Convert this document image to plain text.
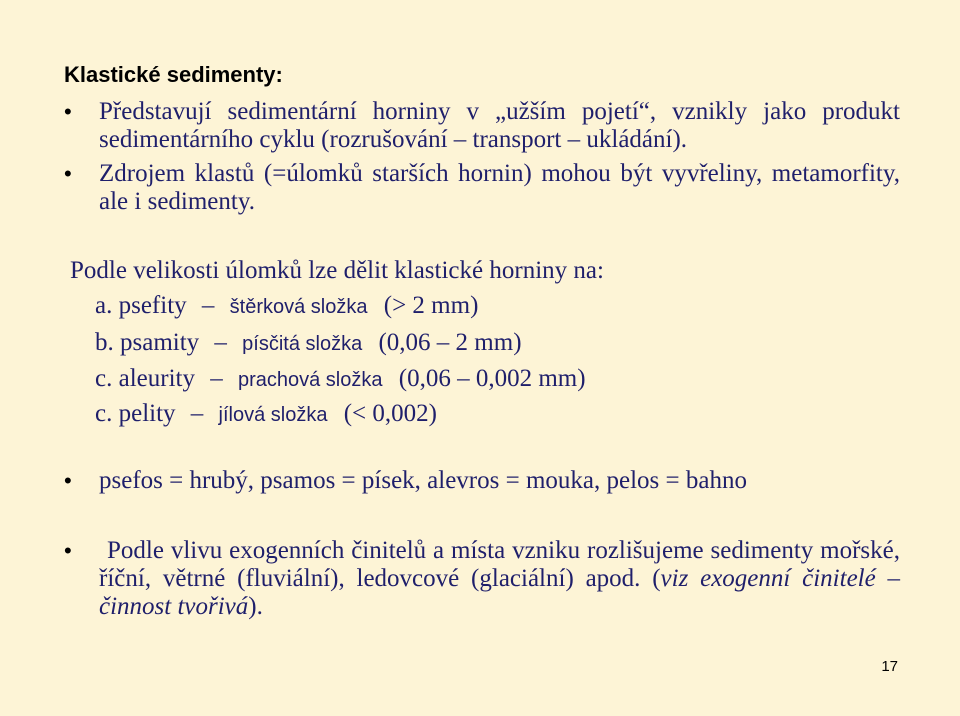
Klastické sedimenty:
•	Představují sedimentární horniny v „užším pojetí“, vznikly jako produkt sedimentárního cyklu (rozrušování – transport – ukládání).
•	Zdrojem klastů (=úlomků starších hornin) mohou být vyvřeliny, metamorfity, ale i sedimenty.
Podle velikosti úlomků lze dělit klastické horniny na:
a. psefity – štěrková složka (> 2 mm)
b. psamity – písčitá složka (0,06 – 2 mm)
c. aleurity – prachová složka (0,06 – 0,002 mm)
c. pelity – jílová složka (< 0,002)
•	psefos = hrubý, psamos = písek, alevros = mouka, pelos = bahno
•	Podle vlivu exogenních činitelů a místa vzniku rozlišujeme sedimenty mořské, říční, větrné (fluviální), ledovcové (glaciální) apod. (viz exogenní činitelé – činnost tvořivá).
17
